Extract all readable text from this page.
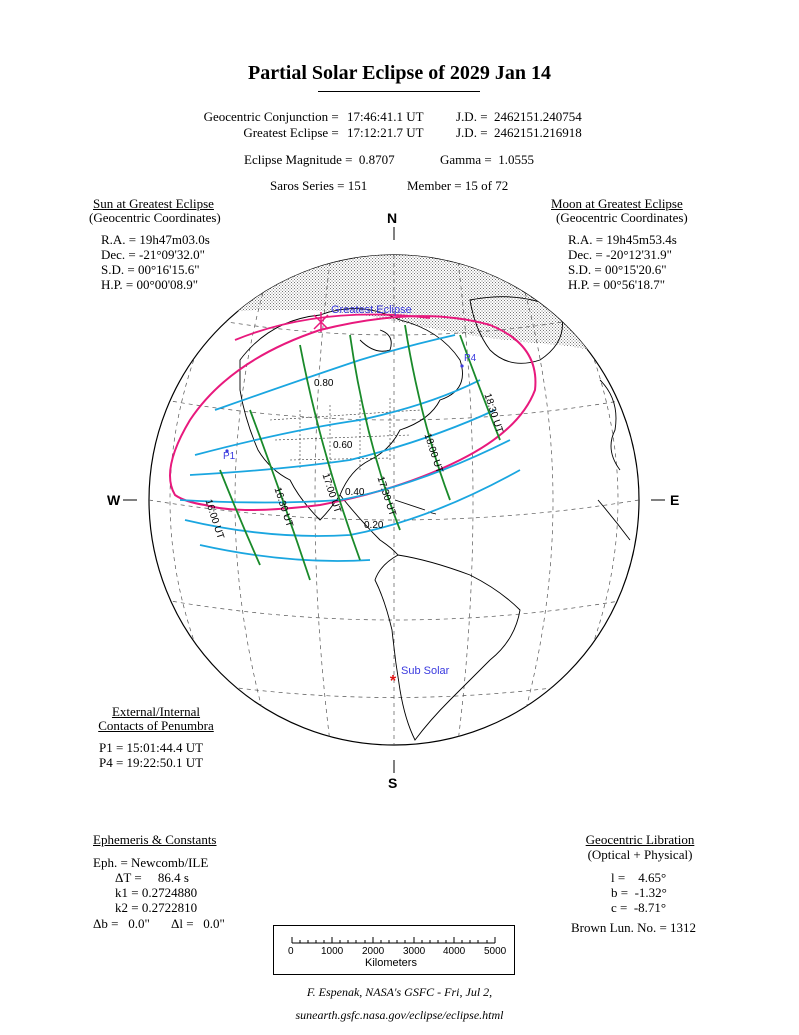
Partial Solar Eclipse of 2029 Jan 14
Geocentric Conjunction = 17:46:41.1 UT J.D. =  2462151.240754
Greatest Eclipse = 17:12:21.7 UT J.D. =  2462151.216918
Eclipse Magnitude =  0.8707	Gamma =  1.0555
Saros Series = 151	Member = 15 of 72
Sun at Greatest Eclipse
(Geocentric Coordinates)
R.A. = 19h47m03.0s
Dec. = -21°09'32.0"
S.D. = 00°16'15.6"
H.P. = 00°00'08.9"
Moon at Greatest Eclipse
(Geocentric Coordinates)
R.A. = 19h45m53.4s
Dec. = -20°12'31.9"
S.D. = 00°15'20.6"
H.P. = 00°56'18.7"
*
N
S
W	E
Greatest Eclipse
Sub Solar
P1
P4
0.80
0.60
0.40
0.20
16:00 UT	16:30 UT 17:00 UT	17:30 UT
18:00 UT
18:30 UT
External/Internal
Contacts of Penumbra
P1 = 15:01:44.4 UT
P4 = 19:22:50.1 UT
Ephemeris & Constants
Eph. = Newcomb/ILE
ΔT =     86.4 s
k1 = 0.2724880
k2 = 0.2722810
Δb =   0.0" Δl =   0.0"
Geocentric Libration
(Optical + Physical)
l =    4.65°
b =  -1.32°
c =  -8.71°
Brown Lun. No. = 1312
0	1000 2000 3000 4000 5000
Kilometers
F. Espenak, NASA's GSFC - Fri, Jul 2,
sunearth.gsfc.nasa.gov/eclipse/eclipse.html
